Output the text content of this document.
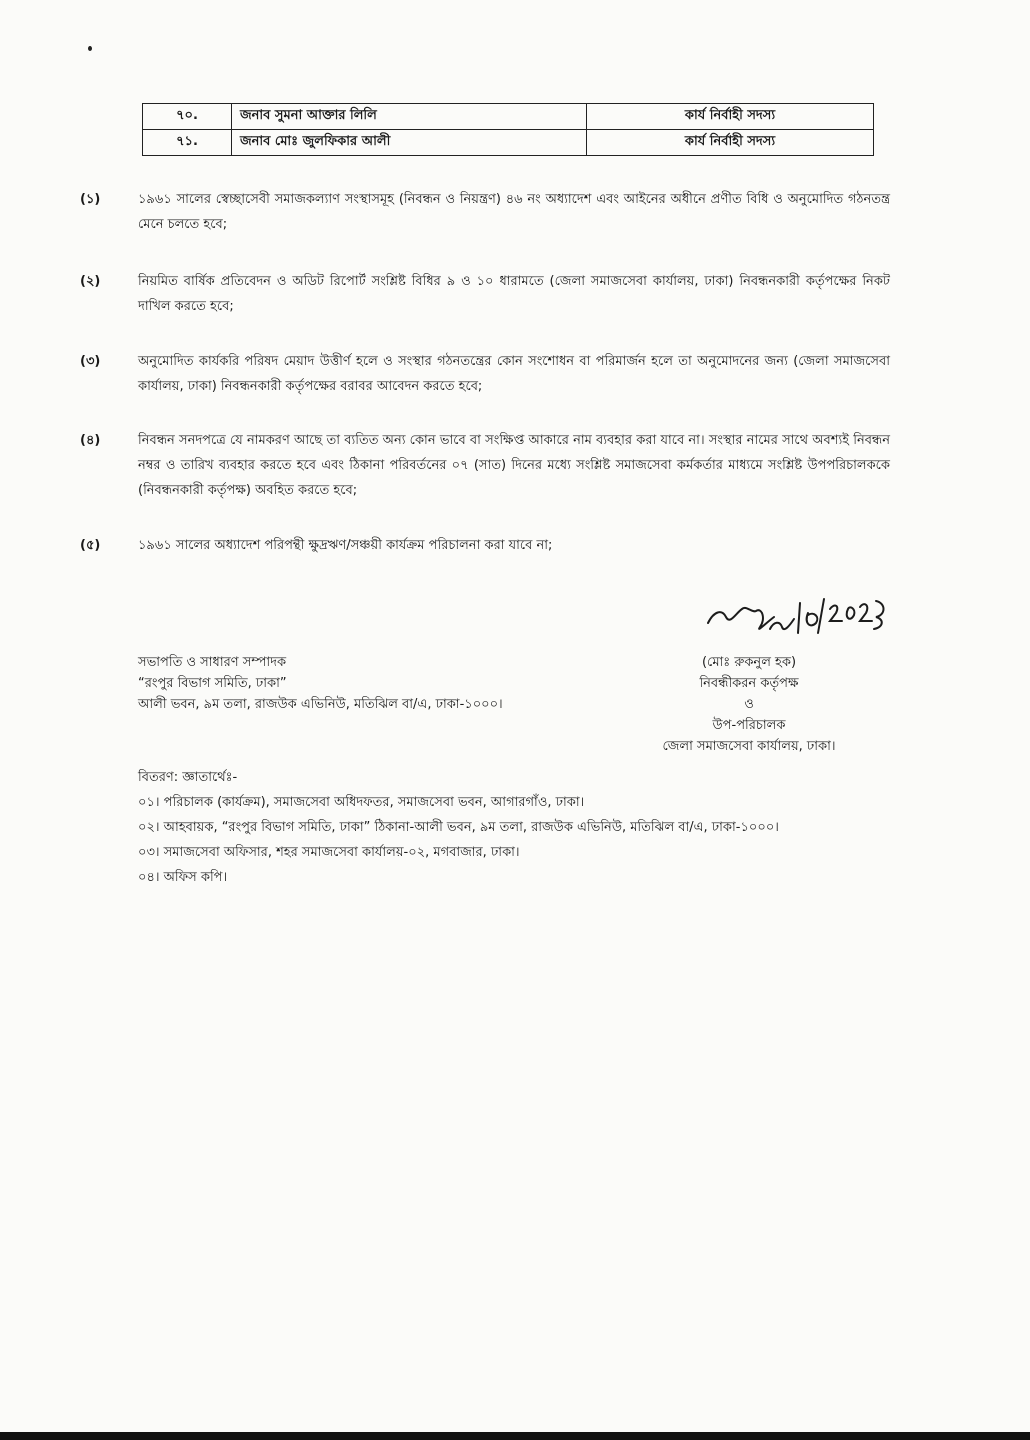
৭০.	জনাব সুমনা আক্তার লিলি	কার্য নির্বাহী সদস্য
৭১.	জনাব মোঃ জুলফিকার আলী	কার্য নির্বাহী সদস্য
(১)	১৯৬১ সালের স্বেচ্ছাসেবী সমাজকল্যাণ সংস্থাসমূহ (নিবন্ধন ও নিয়ন্ত্রণ) ৪৬ নং অধ্যাদেশ এবং আইনের অধীনে প্রণীত বিধি ও অনুমোদিত গঠনতন্ত্র মেনে চলতে হবে;
(২)	নিয়মিত বার্ষিক প্রতিবেদন ও অডিট রিপোর্ট সংশ্লিষ্ট বিধির ৯ ও ১০ ধারামতে (জেলা সমাজসেবা কার্যালয়, ঢাকা) নিবন্ধনকারী কর্তৃপক্ষের নিকট দাখিল করতে হবে;
(৩)	অনুমোদিত কার্যকরি পরিষদ মেয়াদ উত্তীর্ণ হলে ও সংস্থার গঠনতন্ত্রের কোন সংশোধন বা পরিমার্জন হলে তা অনুমোদনের জন্য (জেলা সমাজসেবা কার্যালয়, ঢাকা) নিবন্ধনকারী কর্তৃপক্ষের বরাবর আবেদন করতে হবে;
(৪)	নিবন্ধন সনদপত্রে যে নামকরণ আছে তা ব্যতিত অন্য কোন ভাবে বা সংক্ষিপ্ত আকারে নাম ব্যবহার করা যাবে না। সংস্থার নামের সাথে অবশ্যই নিবন্ধন নম্বর ও তারিখ ব্যবহার করতে হবে এবং ঠিকানা পরিবর্তনের ০৭ (সাত) দিনের মধ্যে সংশ্লিষ্ট সমাজসেবা কর্মকর্তার মাধ্যমে সংশ্লিষ্ট উপপরিচালককে (নিবন্ধনকারী কর্তৃপক্ষ) অবহিত করতে হবে;
(৫)	১৯৬১ সালের অধ্যাদেশ পরিপন্থী ক্ষুদ্রঋণ/সঞ্চয়ী কার্যক্রম পরিচালনা করা যাবে না;
সভাপতি ও সাধারণ সম্পাদক
“রংপুর বিভাগ সমিতি, ঢাকা”
আলী ভবন, ৯ম তলা, রাজউক এভিনিউ, মতিঝিল বা/এ, ঢাকা-১০০০।
(মোঃ রুকনুল হক)
নিবন্ধীকরন কর্তৃপক্ষ
ও
উপ-পরিচালক
জেলা সমাজসেবা কার্যালয়, ঢাকা।
বিতরণ: জ্ঞাতার্থেঃ-
০১। পরিচালক (কার্যক্রম), সমাজসেবা অধিদফতর, সমাজসেবা ভবন, আগারগাঁও, ঢাকা।
০২। আহবায়ক, “রংপুর বিভাগ সমিতি, ঢাকা” ঠিকানা-আলী ভবন, ৯ম তলা, রাজউক এভিনিউ, মতিঝিল বা/এ, ঢাকা-১০০০।
০৩। সমাজসেবা অফিসার, শহর সমাজসেবা কার্যালয়-০২, মগবাজার, ঢাকা।
০৪। অফিস কপি।
